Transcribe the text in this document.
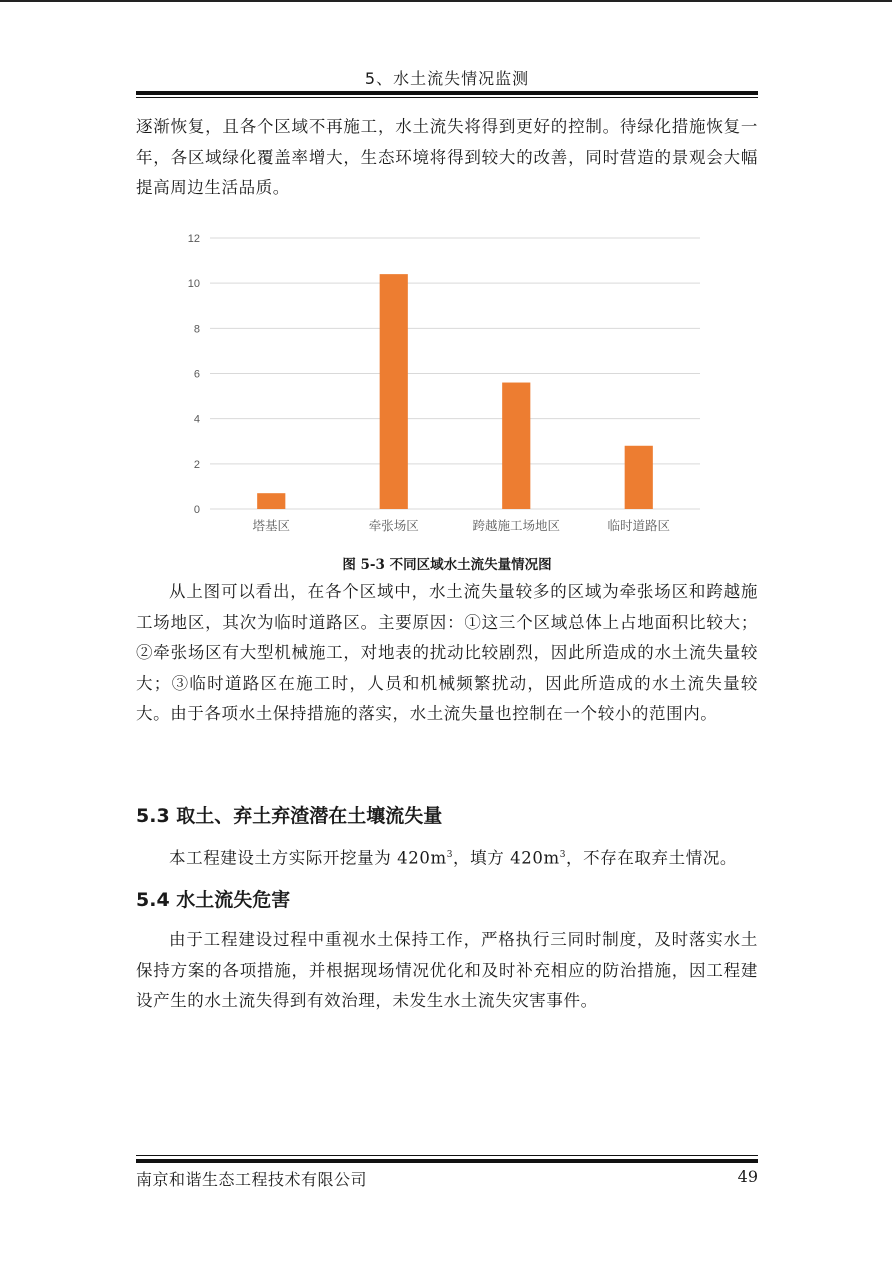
5、水土流失情况监测

逐渐恢复，且各个区域不再施工，水土流失将得到更好的控制。待绿化措施恢复一年，各区域绿化覆盖率增大，生态环境将得到较大的改善，同时营造的景观会大幅提高周边生活品质。

0
2
4
6
8
10
12
塔基区	牵张场区	跨越施工场地区	临时道路区
图 5-3 不同区域水土流失量情况图

从上图可以看出，在各个区域中，水土流失量较多的区域为牵张场区和跨越施工场地区，其次为临时道路区。主要原因：①这三个区域总体上占地面积比较大；②牵张场区有大型机械施工，对地表的扰动比较剧烈，因此所造成的水土流失量较大；③临时道路区在施工时，人员和机械频繁扰动，因此所造成的水土流失量较大。由于各项水土保持措施的落实，水土流失量也控制在一个较小的范围内。

5.3 取土、弃土弃渣潜在土壤流失量

本工程建设土方实际开挖量为 $420m^3$，填方 $420m^3$，不存在取弃土情况。

5.4 水土流失危害

由于工程建设过程中重视水土保持工作，严格执行三同时制度，及时落实水土保持方案的各项措施，并根据现场情况优化和及时补充相应的防治措施，因工程建设产生的水土流失得到有效治理，未发生水土流失灾害事件。

南京和谐生态工程技术有限公司	49
